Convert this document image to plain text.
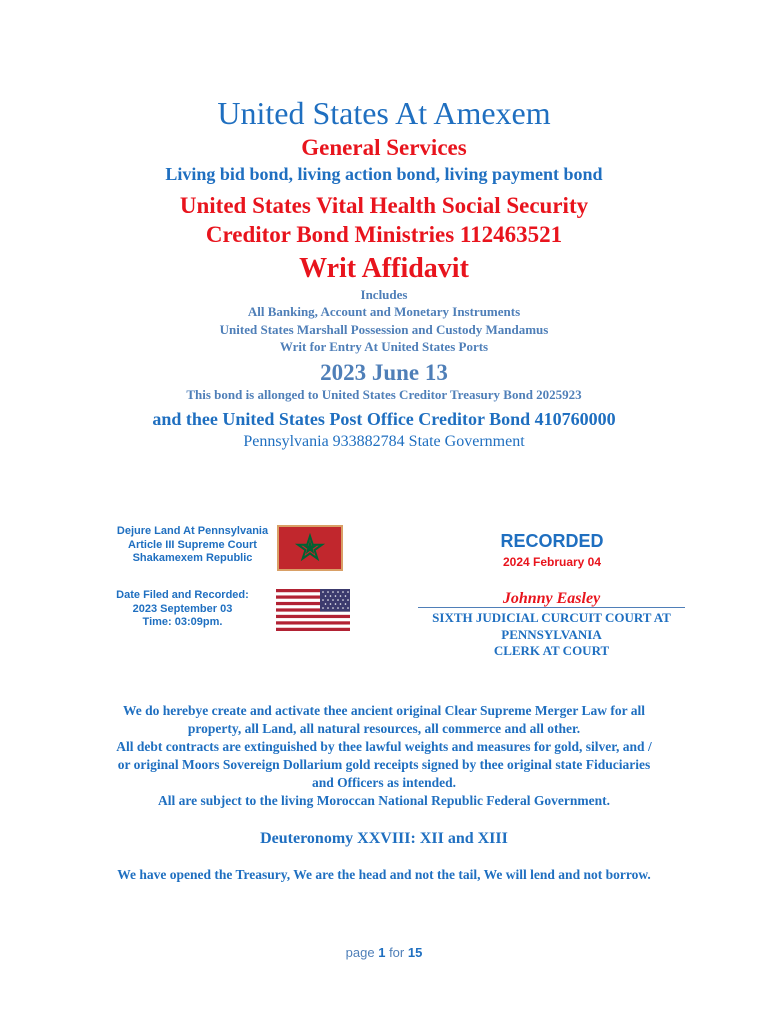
United States At Amexem
General Services
Living bid bond, living action bond, living payment bond
United States Vital Health Social Security
Creditor Bond Ministries 112463521
Writ Affidavit
Includes
All Banking, Account and Monetary Instruments
United States Marshall Possession and Custody Mandamus
Writ for Entry At United States Ports
2023 June 13
This bond is allonged to United States Creditor Treasury Bond 2025923
and thee United States Post Office Creditor Bond 410760000
Pennsylvania 933882784 State Government
Dejure Land At Pennsylvania
Article III Supreme Court
Shakamexem Republic
Date Filed and Recorded:
2023 September 03
Time: 03:09pm.
RECORDED
2024 February 04
Johnny Easley
SIXTH JUDICIAL CURCUIT COURT AT
PENNSYLVANIA
CLERK AT COURT
We do herebye create and activate thee ancient original Clear Supreme Merger Law for all
property, all Land, all natural resources, all commerce and all other.
All debt contracts are extinguished by thee lawful weights and measures for gold, silver, and /
or original Moors Sovereign Dollarium gold receipts signed by thee original state Fiduciaries
and Officers as intended.
All are subject to the living Moroccan National Republic Federal Government.
Deuteronomy XXVIII: XII and XIII
We have opened the Treasury, We are the head and not the tail, We will lend and not borrow.
page 1 for 15
